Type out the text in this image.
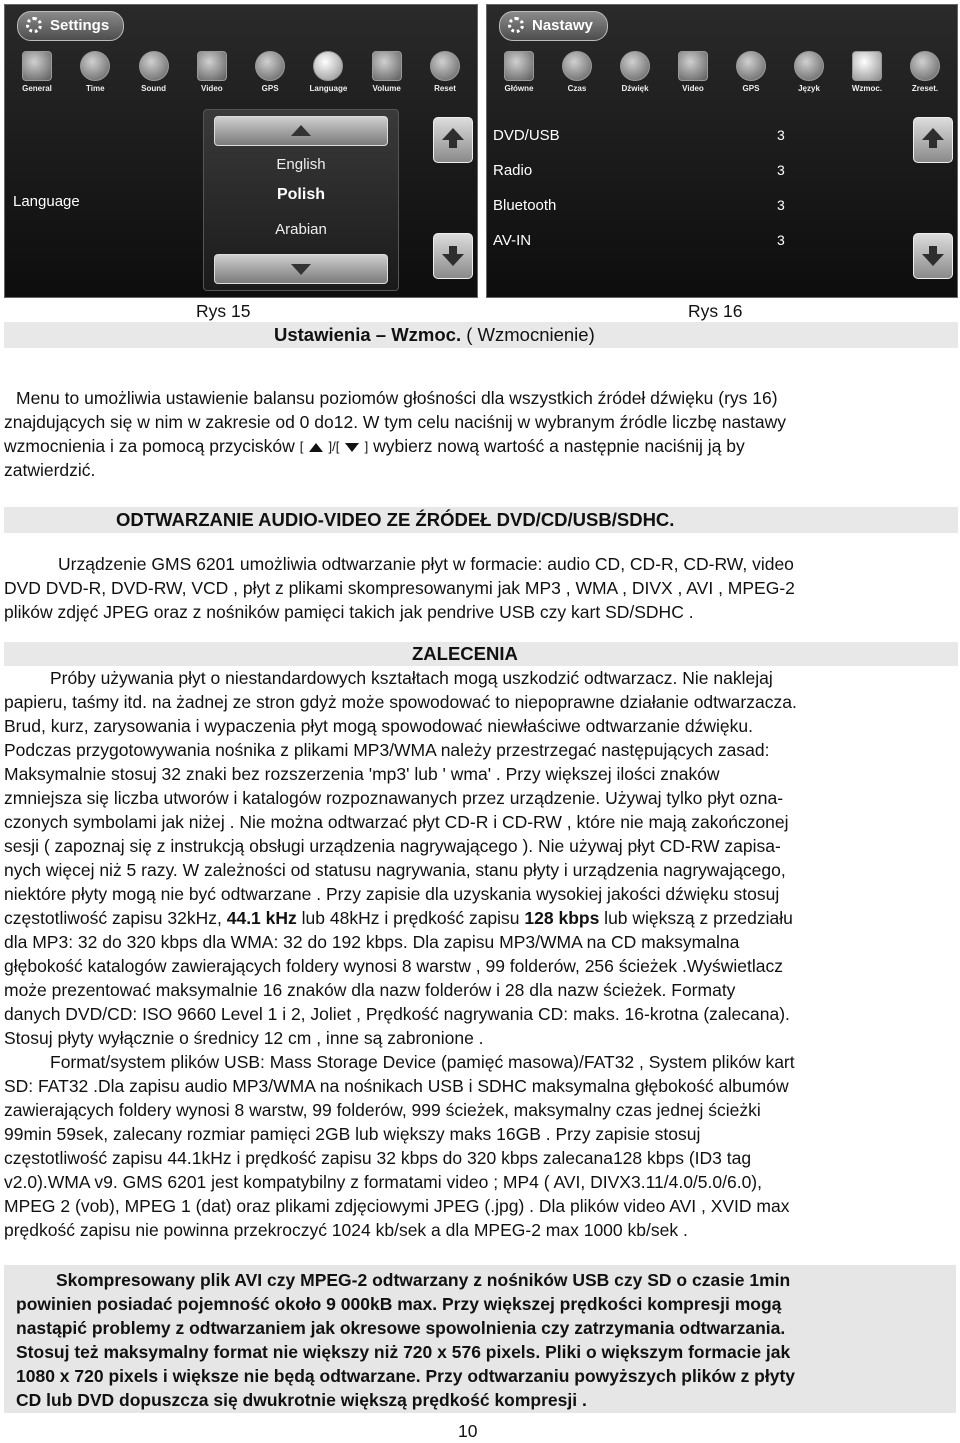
Settings
General	Time	Sound	Video	GPS	Language	Volume	Reset
Language
English
Polish
Arabian
Nastawy
Główne	Czas	Dźwięk	Video	GPS	Język	Wzmoc.	Zreset.
DVD/USB	3
Radio	3
Bluetooth	3
AV-IN	3
Rys 15	Rys 16
Ustawienia – Wzmoc. ( Wzmocnienie)
Menu to umożliwia ustawienie balansu poziomów głośności dla wszystkich źródeł dźwięku (rys 16)
znajdujących się w nim w zakresie od 0 do12. W tym celu naciśnij w wybranym źródle liczbę nastawy
wzmocnienia i za pomocą przycisków [  ]/[  ] wybierz nową wartość a następnie naciśnij ją by
zatwierdzić.
ODTWARZANIE AUDIO-VIDEO ZE ŹRÓDEŁ DVD/CD/USB/SDHC.
Urządzenie GMS 6201 umożliwia odtwarzanie płyt w formacie: audio CD, CD-R, CD-RW, video
DVD DVD-R, DVD-RW, VCD , płyt z plikami skompresowanymi jak MP3 , WMA , DIVX , AVI , MPEG-2
plików zdjęć JPEG oraz z nośników pamięci takich jak pendrive USB czy kart SD/SDHC .
ZALECENIA
Próby używania płyt o niestandardowych kształtach mogą uszkodzić odtwarzacz. Nie naklejaj
papieru, taśmy itd. na żadnej ze stron gdyż może spowodować to niepoprawne działanie odtwarzacza.
Brud, kurz, zarysowania i wypaczenia płyt mogą spowodować niewłaściwe odtwarzanie dźwięku.
Podczas przygotowywania nośnika z plikami MP3/WMA należy przestrzegać następujących zasad:
Maksymalnie stosuj 32 znaki bez rozszerzenia 'mp3' lub ' wma' . Przy większej ilości znaków
zmniejsza się liczba utworów i katalogów rozpoznawanych przez urządzenie. Używaj tylko płyt ozna-
czonych symbolami jak niżej . Nie można odtwarzać płyt CD-R i CD-RW , które nie mają zakończonej
sesji ( zapoznaj się z instrukcją obsługi urządzenia nagrywającego ). Nie używaj płyt CD-RW zapisa-
nych więcej niż 5 razy. W zależności od statusu nagrywania, stanu płyty i urządzenia nagrywającego,
niektóre płyty mogą nie być odtwarzane . Przy zapisie dla uzyskania wysokiej jakości dźwięku stosuj
częstotliwość zapisu 32kHz, 44.1 kHz lub 48kHz i prędkość zapisu 128 kbps lub większą z przedziału
dla MP3: 32 do 320 kbps dla WMA: 32 do 192 kbps. Dla zapisu MP3/WMA na CD maksymalna
głębokość katalogów zawierających foldery wynosi 8 warstw , 99 folderów, 256 ścieżek .Wyświetlacz
może prezentować maksymalnie 16 znaków dla nazw folderów i 28 dla nazw ścieżek. Formaty
danych DVD/CD: ISO 9660 Level 1 i 2, Joliet , Prędkość nagrywania CD: maks. 16-krotna (zalecana).
Stosuj płyty wyłącznie o średnicy 12 cm , inne są zabronione .
Format/system plików USB: Mass Storage Device (pamięć masowa)/FAT32 , System plików kart
SD: FAT32 .Dla zapisu audio MP3/WMA na nośnikach USB i SDHC maksymalna głębokość albumów
zawierających foldery wynosi 8 warstw, 99 folderów, 999 ścieżek, maksymalny czas jednej ścieżki
99min 59sek, zalecany rozmiar pamięci 2GB lub większy maks 16GB . Przy zapisie stosuj
częstotliwość zapisu 44.1kHz i prędkość zapisu 32 kbps do 320 kbps zalecana128 kbps (ID3 tag
v2.0).WMA v9. GMS 6201 jest kompatybilny z formatami video ; MP4 ( AVI, DIVX3.11/4.0/5.0/6.0),
MPEG 2 (vob), MPEG 1 (dat) oraz plikami zdjęciowymi JPEG (.jpg) . Dla plików video AVI , XVID max
prędkość zapisu nie powinna przekroczyć 1024 kb/sek a dla MPEG-2 max 1000 kb/sek .
Skompresowany plik AVI czy MPEG-2 odtwarzany z nośników USB czy SD o czasie 1min
powinien posiadać pojemność około 9 000kB max. Przy większej prędkości kompresji mogą
nastąpić problemy z odtwarzaniem jak okresowe spowolnienia czy zatrzymania odtwarzania.
Stosuj też maksymalny format nie większy niż 720 x 576 pixels. Pliki o większym formacie jak
1080 x 720 pixels i większe nie będą odtwarzane. Przy odtwarzaniu powyższych plików z płyty
CD lub DVD dopuszcza się dwukrotnie większą prędkość kompresji .
10
